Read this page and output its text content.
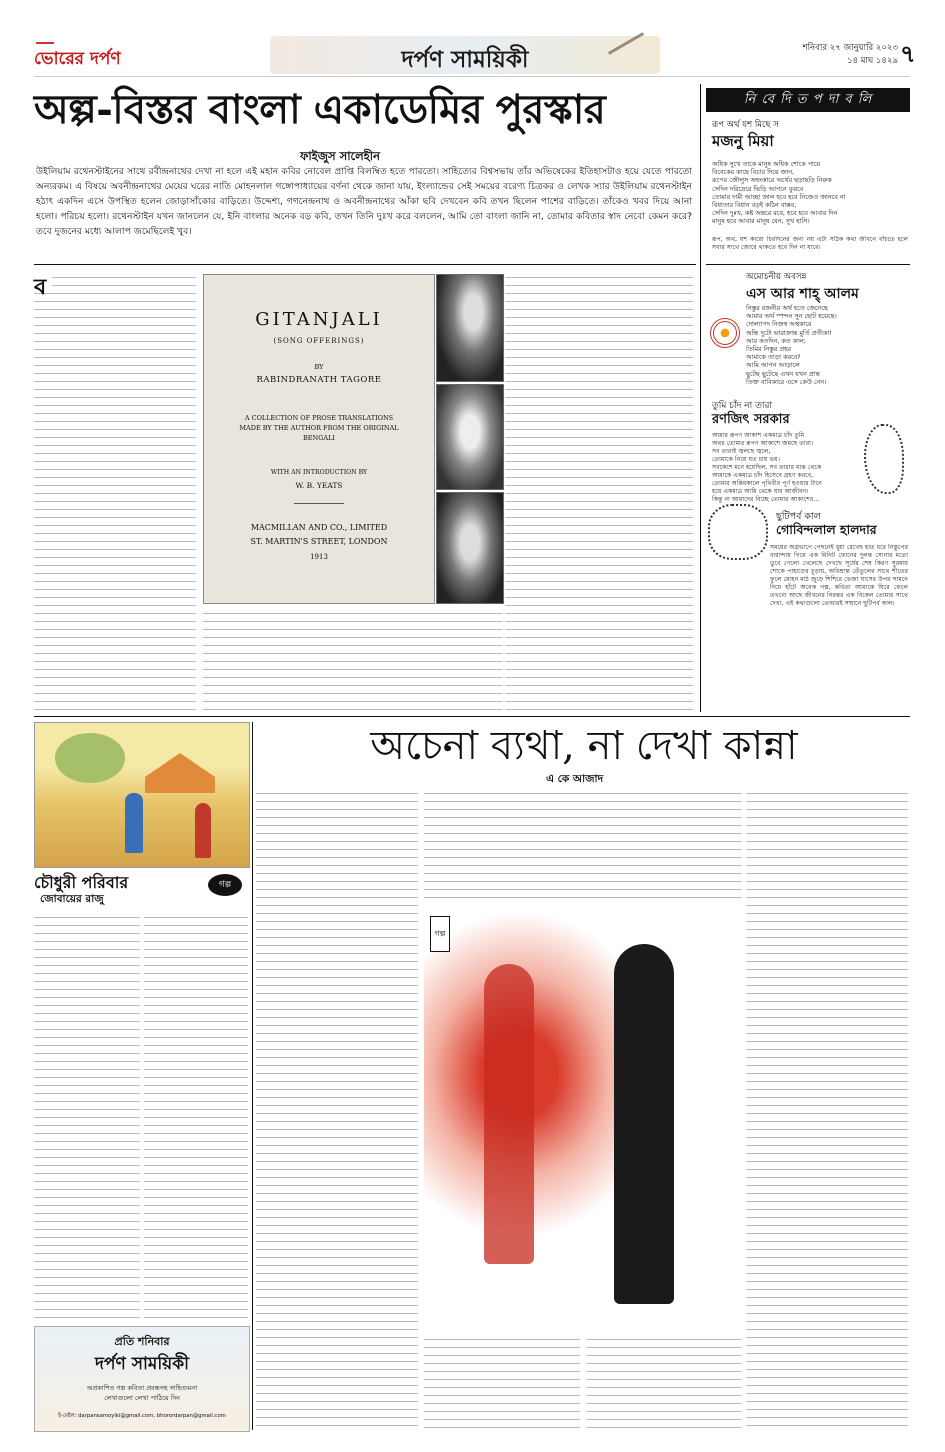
ভোরের দর্পণ	দর্পণ সাময়িকী	শনিবার ২৭ জানুয়ারি ২০২৩
১৪ মাঘ ১৪২৯ ৭
অল্প-বিস্তর বাংলা একাডেমির পুরস্কার
ফাইজুস সালেহীন
উইলিয়াম রথেনস্টাইনের সাথে রবীন্দ্রনাথের দেখা না হলে এই মহান কবির নোবেল প্রাপ্তি বিলম্বিত হতে পারতো। সাহিত্যের বিশ্বসভায় তাঁর অভিষেকের ইতিহাসটাও হয়ে যেতে পারতো অন্যরকম। এ বিষয়ে অবনীন্দ্রনাথের মেয়ের ঘরের নাতি মোহনলাল গঙ্গোপাধ্যায়ের বর্ণনা থেকে জানা যায়, ইংল্যান্ডের সেই সময়ের বরেণ্য চিত্রকর ও লেখক স্যার উইলিয়াম রথেনস্টাইন হঠাৎ একদিন এসে উপস্থিত হলেন জোড়াসাঁকোর বাড়িতে। উদ্দেশ্য, গগনেন্দ্রনাথ ও অবনীন্দ্রনাথের আঁকা ছবি দেখবেন কবি তখন ছিলেন পাশের বাড়িতে। তাঁকেও খবর দিয়ে আনা হলো। পরিচয় হলো। রথেনস্টাইন যখন জানলেন যে, ইনি বাংলার অনেক বড় কবি, তখন তিনি দুঃখ করে বললেন, আমি তো বাংলা জানি না, তোমার কবিতার স্বাদ নেবো কেমন করে? তবে দুজনের মধ্যে আলাপ জমেছিলেই খুব।
ব
GITANJALI
(SONG OFFERINGS)
BY
RABINDRANATH TAGORE
A COLLECTION OF PROSE TRANSLATIONS MADE BY THE AUTHOR FROM THE ORIGINAL BENGALI
WITH AN INTRODUCTION BY
W. B. YEATS
MACMILLAN AND CO., LIMITED
ST. MARTIN'S STREET, LONDON
1913
নি বে দি ত প দা ব লি
রূপ অর্থ যশ মিছে স
মজনু মিয়া
অধিক সুখে তাকে মানুষ অধিক শোকে পায়ে
বিবেকের কাছে বিচার দিয়ে জান,
রূপের জৌলুস অহংকারে অর্থের ছড়াছড়ি নিরুক
সেদিন দরিদ্রেরে ভিড়ি আপনে বুঝবে
তোমার দামী আচ্ছা জাল হবে হবে নিজেও জানবে না
বিধাতার বিধান বড়ই কঠিন বাস্তব,
সেদিন দুঃখ, কষ্ট অন্তরে রবে, হবে হবে আবার দিন
মানুষ হবে আবার মানুষ যেন, সুখ হাসি।
রূপ, অর্থ, যশ কারো চিরদিনের জন্য নয় এটা সঠিক কথা জীবনে বাঁচতে হলে সবার সাথে জোরে থাকতে হবে দিন না যাবে।
অমোচনীয় অবসন্ন
এস আর শাহ্‌ আলম
নিস্তুর রজনীর অর্থ হতে জেনেছে
আমার অর্থ স্পন্দন সুন ছোট হয়েছে।
দোল্যাপদ নিজস্ব অস্থকারে
অন্ধি দুটো ভারাক্রান্ত মুর্তি প্রতীকা!
আর কতদিন, কত কাল;
তিমির নিস্তুর প্রহর
আমাকে তাড়া করবে?
আমি আপন আড়ালে
ছুটেছ ছুটেছে এখন যখন প্রান্ত
তিক্ত বাবিকারে এসে কেউ নেন।
তুমি চাঁদ না তারা
রণজিৎ সরকার
আমার রূপণ আকাশ একমাত্র চাঁদ তুমি
অথচ তোমার রূপণ আকাশে জমছে তারা।
সব তারাই জ্বলছে জ্বলে,
তোমাকে নিয়ে যত চায় ভয়।
সবকেশে মনে হয়েছিল, সব তারার মাঝ থেকে
আমাকে একমাত্র চাঁদ হিসেবে গ্রহণ করবে,
তোমার অন্তিমকালে পৃথিবীর পূর্ণ হওয়ার টানে
হয়ে একমাত্র আমি থেকে যাব আজীবন।
কিন্তু না আমাদের বিচ্ছে তোমার আকাশের...
ছুটিপর্ব কাল
গোবিন্দলাল হালদার
সময়ের অগ্রভাগে পেছনেই ধুয়া রেখেছ হাত ধরে নিস্তুপের বারান্দায় গিয়ে এক মিনিট ফোনের দুলন্ত সোনার মতো ডুবে গেলো খেলেছে দেখছে সূর্যের শেষ কিরণ সুরমায় শোকে পাহাড়ের চূড়ায়, অবিশ্রান্ত তেঁতুলের সাথে শীতের ফুলে মোহন মাঠ জুড়ে শিশিরে ভেজা ঘাসের উপর সামনে দিয়ে হাঁটে অনেক গল্প, কবিতা আমাকে ঘিরে ফেলে তখনো আছে জীবনের নিরন্তর এক বিকেল তোমার সাথে দেখা, এই কথাগুলো তোমারই সম্মানে ছুটিপর্ব কাল।
চৌধুরী পরিবার
জোবায়ের রাজু
গল্প
প্রতি শনিবার
দর্পণ সাময়িকী
অপ্রকাশিত গল্প কবিতা প্রবন্ধসহ সাহিত্যমনা
লেখাগুলো লেখা পাঠিয়ে দিন
ই-মেইল: darpansamoyiki@gmail.com, bhorerdarpan@gmail.com
অচেনা ব্যথা, না দেখা কান্না
এ কে আজাদ
গল্প
